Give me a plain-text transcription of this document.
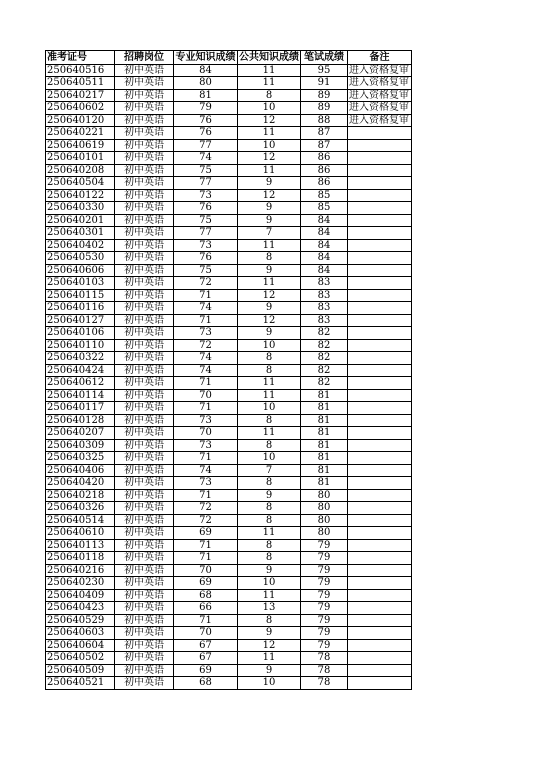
准考证号	招聘岗位	专业知识成绩	公共知识成绩	笔试成绩	备注
250640516	初中英语	84	11	95	进入资格复审
250640511	初中英语	80	11	91	进入资格复审
250640217	初中英语	81	8	89	进入资格复审
250640602	初中英语	79	10	89	进入资格复审
250640120	初中英语	76	12	88	进入资格复审
250640221	初中英语	76	11	87	
250640619	初中英语	77	10	87	
250640101	初中英语	74	12	86	
250640208	初中英语	75	11	86	
250640504	初中英语	77	9	86	
250640122	初中英语	73	12	85	
250640330	初中英语	76	9	85	
250640201	初中英语	75	9	84	
250640301	初中英语	77	7	84	
250640402	初中英语	73	11	84	
250640530	初中英语	76	8	84	
250640606	初中英语	75	9	84	
250640103	初中英语	72	11	83	
250640115	初中英语	71	12	83	
250640116	初中英语	74	9	83	
250640127	初中英语	71	12	83	
250640106	初中英语	73	9	82	
250640110	初中英语	72	10	82	
250640322	初中英语	74	8	82	
250640424	初中英语	74	8	82	
250640612	初中英语	71	11	82	
250640114	初中英语	70	11	81	
250640117	初中英语	71	10	81	
250640128	初中英语	73	8	81	
250640207	初中英语	70	11	81	
250640309	初中英语	73	8	81	
250640325	初中英语	71	10	81	
250640406	初中英语	74	7	81	
250640420	初中英语	73	8	81	
250640218	初中英语	71	9	80	
250640326	初中英语	72	8	80	
250640514	初中英语	72	8	80	
250640610	初中英语	69	11	80	
250640113	初中英语	71	8	79	
250640118	初中英语	71	8	79	
250640216	初中英语	70	9	79	
250640230	初中英语	69	10	79	
250640409	初中英语	68	11	79	
250640423	初中英语	66	13	79	
250640529	初中英语	71	8	79	
250640603	初中英语	70	9	79	
250640604	初中英语	67	12	79	
250640502	初中英语	67	11	78	
250640509	初中英语	69	9	78	
250640521	初中英语	68	10	78	
